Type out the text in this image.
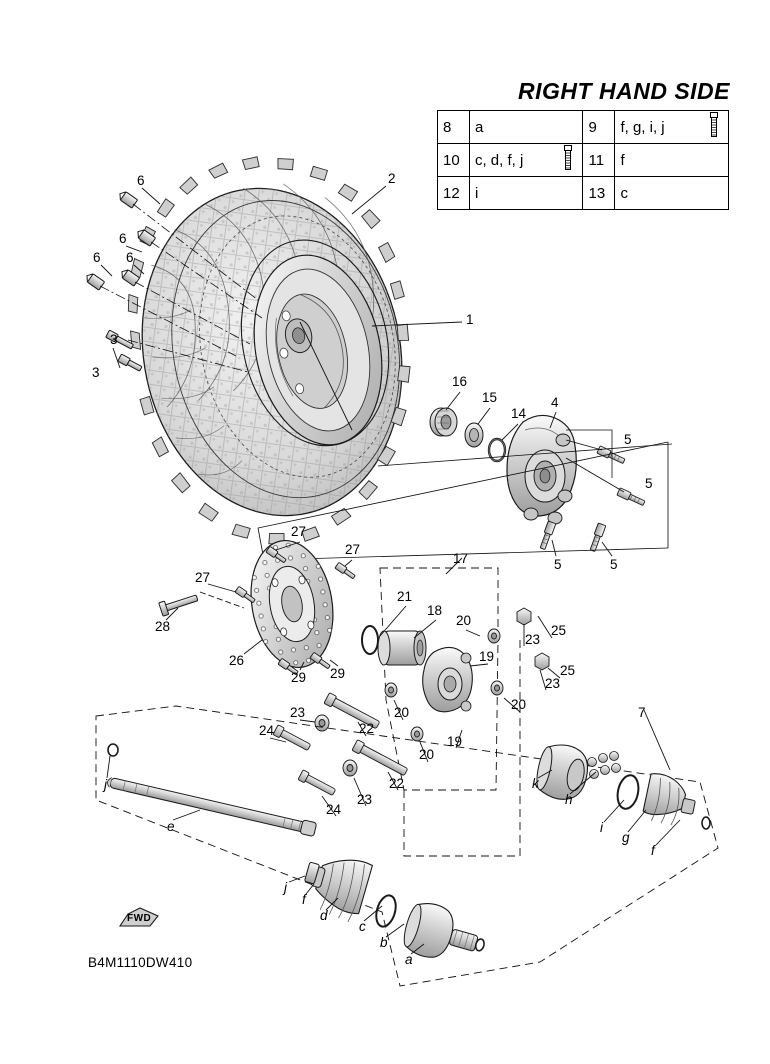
RIGHT HAND SIDE
8	a	9	f, g, i, j

10	c, d, f, j	11	f
12	i	13	c
FWD
B4M1110DW410
6	2
6
6 6
1
3
3
16
15
14
4
5
5
5	5
27
27
27
17
21
18
20
23
25
28
26	19
25
23
29 29
23
22
20
20
7
24
20
19
22
23
24
k
h
i
g
f
j
e
j
f
d
c
b
a
